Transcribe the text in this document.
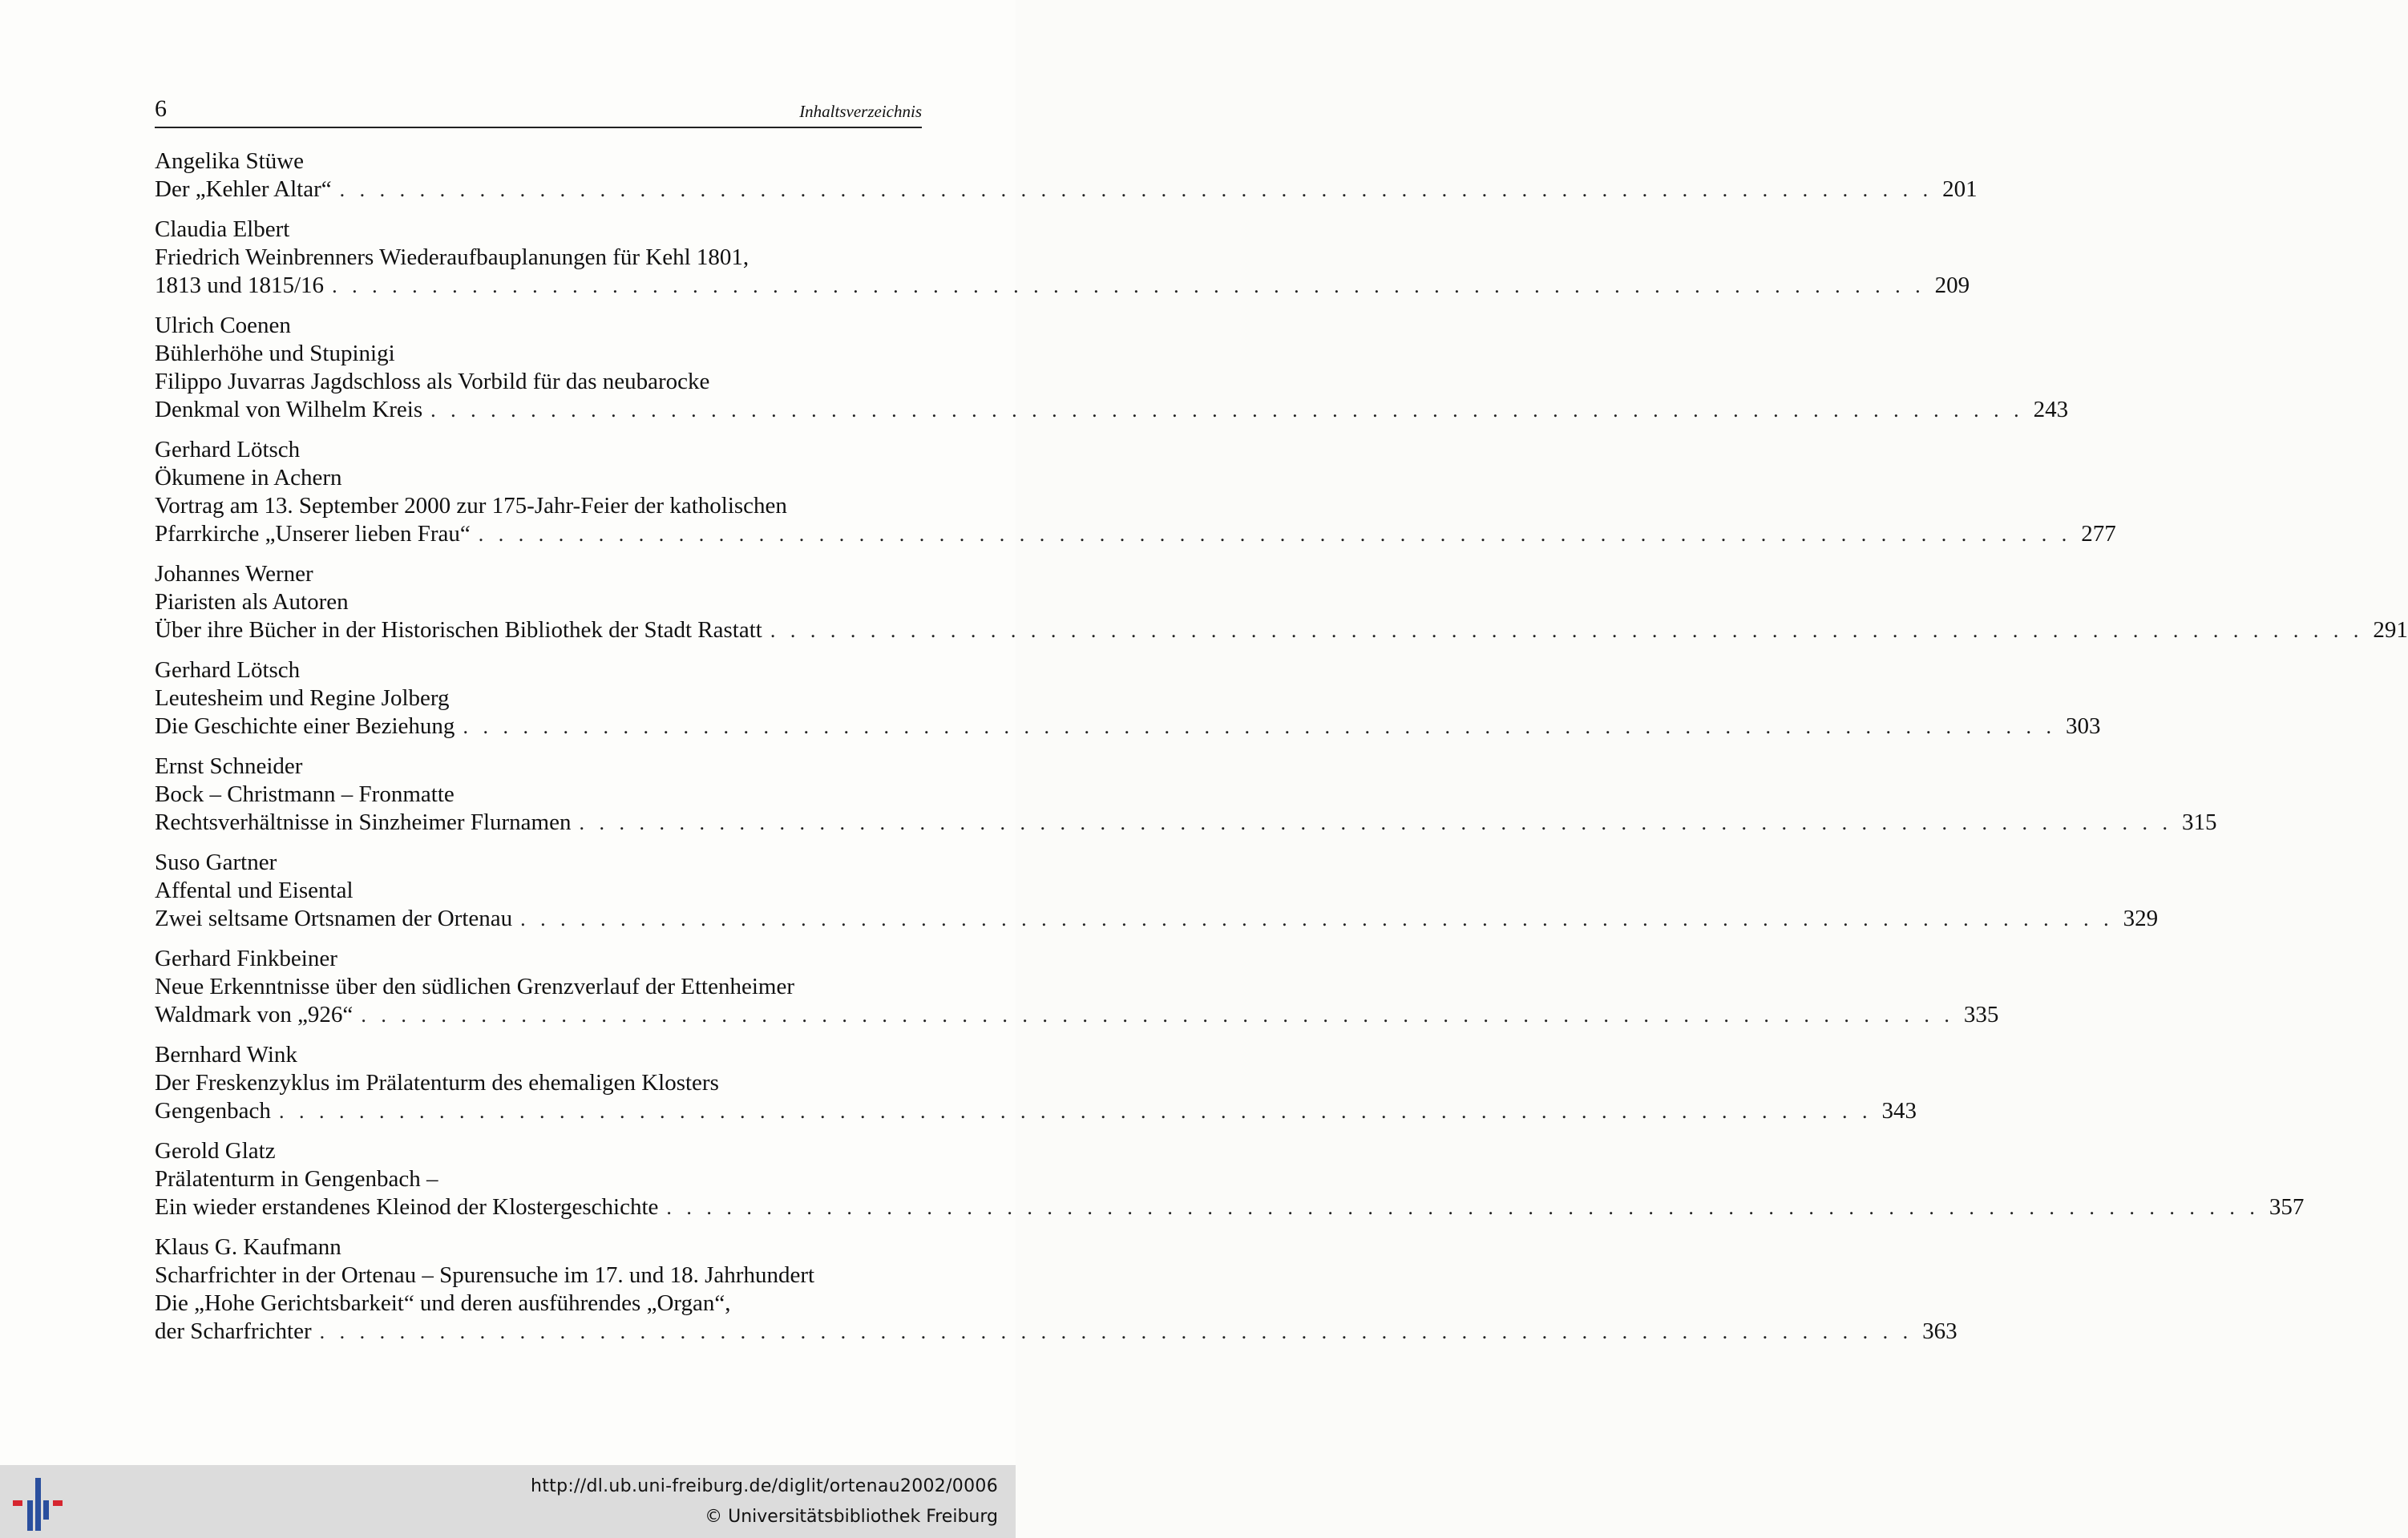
6	Inhaltsverzeichnis
Angelika Stüwe
Der „Kehler Altar“ . . . . . . . . . . . . . . . . . . . . . . . . . . . . . . . . . . . . . . . . . . . . . . . . . . . . . . . . . . . . . . . . . . . . . . . . . . . . . . . . 201
Claudia Elbert
Friedrich Weinbrenners Wiederaufbauplanungen für Kehl 1801,
1813 und 1815/16 . . . . . . . . . . . . . . . . . . . . . . . . . . . . . . . . . . . . . . . . . . . . . . . . . . . . . . . . . . . . . . . . . . . . . . . . . . . . . . . . 209
Ulrich Coenen
Bühlerhöhe und Stupinigi
Filippo Juvarras Jagdschloss als Vorbild für das neubarocke
Denkmal von Wilhelm Kreis . . . . . . . . . . . . . . . . . . . . . . . . . . . . . . . . . . . . . . . . . . . . . . . . . . . . . . . . . . . . . . . . . . . . . . . . . . . . . . . . 243
Gerhard Lötsch
Ökumene in Achern
Vortrag am 13. September 2000 zur 175-Jahr-Feier der katholischen
Pfarrkirche „Unserer lieben Frau“ . . . . . . . . . . . . . . . . . . . . . . . . . . . . . . . . . . . . . . . . . . . . . . . . . . . . . . . . . . . . . . . . . . . . . . . . . . . . . . . . 277
Johannes Werner
Piaristen als Autoren
Über ihre Bücher in der Historischen Bibliothek der Stadt Rastatt . . . . . . . . . . . . . . . . . . . . . . . . . . . . . . . . . . . . . . . . . . . . . . . . . . . . . . . . . . . . . . . . . . . . . . . . . . . . . . . . 291
Gerhard Lötsch
Leutesheim und Regine Jolberg
Die Geschichte einer Beziehung . . . . . . . . . . . . . . . . . . . . . . . . . . . . . . . . . . . . . . . . . . . . . . . . . . . . . . . . . . . . . . . . . . . . . . . . . . . . . . . . 303
Ernst Schneider
Bock – Christmann – Fronmatte
Rechtsverhältnisse in Sinzheimer Flurnamen . . . . . . . . . . . . . . . . . . . . . . . . . . . . . . . . . . . . . . . . . . . . . . . . . . . . . . . . . . . . . . . . . . . . . . . . . . . . . . . . 315
Suso Gartner
Affental und Eisental
Zwei seltsame Ortsnamen der Ortenau . . . . . . . . . . . . . . . . . . . . . . . . . . . . . . . . . . . . . . . . . . . . . . . . . . . . . . . . . . . . . . . . . . . . . . . . . . . . . . . . 329
Gerhard Finkbeiner
Neue Erkenntnisse über den südlichen Grenzverlauf der Ettenheimer
Waldmark von „926“ . . . . . . . . . . . . . . . . . . . . . . . . . . . . . . . . . . . . . . . . . . . . . . . . . . . . . . . . . . . . . . . . . . . . . . . . . . . . . . . . 335
Bernhard Wink
Der Freskenzyklus im Prälatenturm des ehemaligen Klosters
Gengenbach . . . . . . . . . . . . . . . . . . . . . . . . . . . . . . . . . . . . . . . . . . . . . . . . . . . . . . . . . . . . . . . . . . . . . . . . . . . . . . . . 343
Gerold Glatz
Prälatenturm in Gengenbach –
Ein wieder erstandenes Kleinod der Klostergeschichte . . . . . . . . . . . . . . . . . . . . . . . . . . . . . . . . . . . . . . . . . . . . . . . . . . . . . . . . . . . . . . . . . . . . . . . . . . . . . . . . 357
Klaus G. Kaufmann
Scharfrichter in der Ortenau – Spurensuche im 17. und 18. Jahrhundert
Die „Hohe Gerichtsbarkeit“ und deren ausführendes „Organ“,
der Scharfrichter . . . . . . . . . . . . . . . . . . . . . . . . . . . . . . . . . . . . . . . . . . . . . . . . . . . . . . . . . . . . . . . . . . . . . . . . . . . . . . . . 363
http://dl.ub.uni-freiburg.de/diglit/ortenau2002/0006
© Universitätsbibliothek Freiburg
